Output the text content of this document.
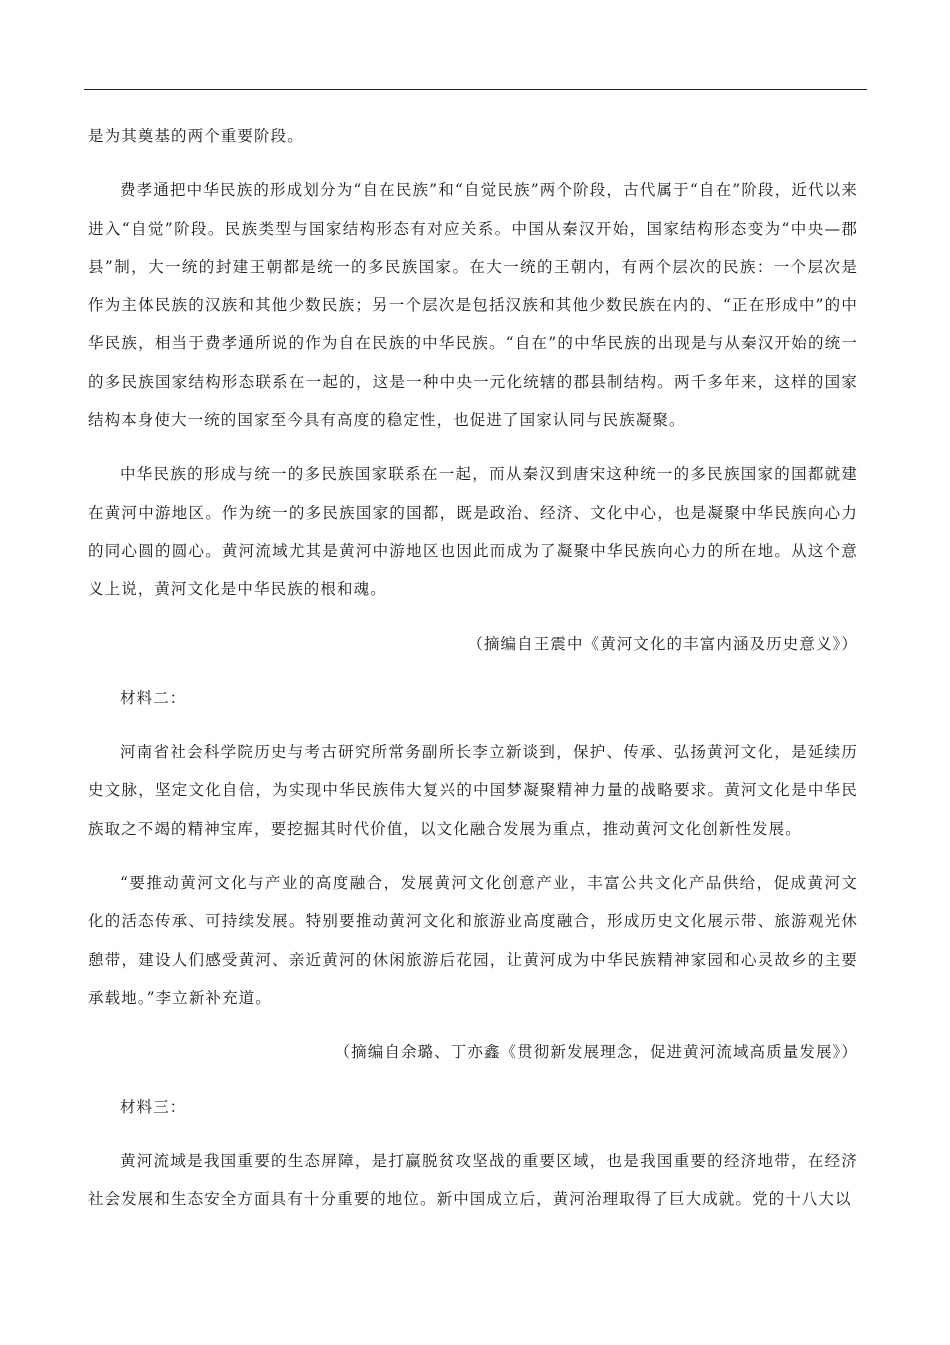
是为其奠基的两个重要阶段。

费孝通把中华民族的形成划分为“自在民族”和“自觉民族”两个阶段，古代属于“自在”阶段，近代以来进入“自觉”阶段。民族类型与国家结构形态有对应关系。中国从秦汉开始，国家结构形态变为“中央—郡县”制，大一统的封建王朝都是统一的多民族国家。在大一统的王朝内，有两个层次的民族：一个层次是作为主体民族的汉族和其他少数民族；另一个层次是包括汉族和其他少数民族在内的、“正在形成中”的中华民族，相当于费孝通所说的作为自在民族的中华民族。“自在”的中华民族的出现是与从秦汉开始的统一的多民族国家结构形态联系在一起的，这是一种中央一元化统辖的郡县制结构。两千多年来，这样的国家结构本身使大一统的国家至今具有高度的稳定性，也促进了国家认同与民族凝聚。

中华民族的形成与统一的多民族国家联系在一起，而从秦汉到唐宋这种统一的多民族国家的国都就建在黄河中游地区。作为统一的多民族国家的国都，既是政治、经济、文化中心，也是凝聚中华民族向心力的同心圆的圆心。黄河流域尤其是黄河中游地区也因此而成为了凝聚中华民族向心力的所在地。从这个意义上说，黄河文化是中华民族的根和魂。

（摘编自王震中《黄河文化的丰富内涵及历史意义》）

材料二：

河南省社会科学院历史与考古研究所常务副所长李立新谈到，保护、传承、弘扬黄河文化，是延续历史文脉，坚定文化自信，为实现中华民族伟大复兴的中国梦凝聚精神力量的战略要求。黄河文化是中华民族取之不竭的精神宝库，要挖掘其时代价值，以文化融合发展为重点，推动黄河文化创新性发展。

“要推动黄河文化与产业的高度融合，发展黄河文化创意产业，丰富公共文化产品供给，促成黄河文化的活态传承、可持续发展。特别要推动黄河文化和旅游业高度融合，形成历史文化展示带、旅游观光休憩带，建设人们感受黄河、亲近黄河的休闲旅游后花园，让黄河成为中华民族精神家园和心灵故乡的主要承载地。”李立新补充道。

（摘编自余璐、丁亦鑫《贯彻新发展理念，促进黄河流域高质量发展》）

材料三：

黄河流域是我国重要的生态屏障，是打赢脱贫攻坚战的重要区域，也是我国重要的经济地带，在经济社会发展和生态安全方面具有十分重要的地位。新中国成立后，黄河治理取得了巨大成就。党的十八大以
